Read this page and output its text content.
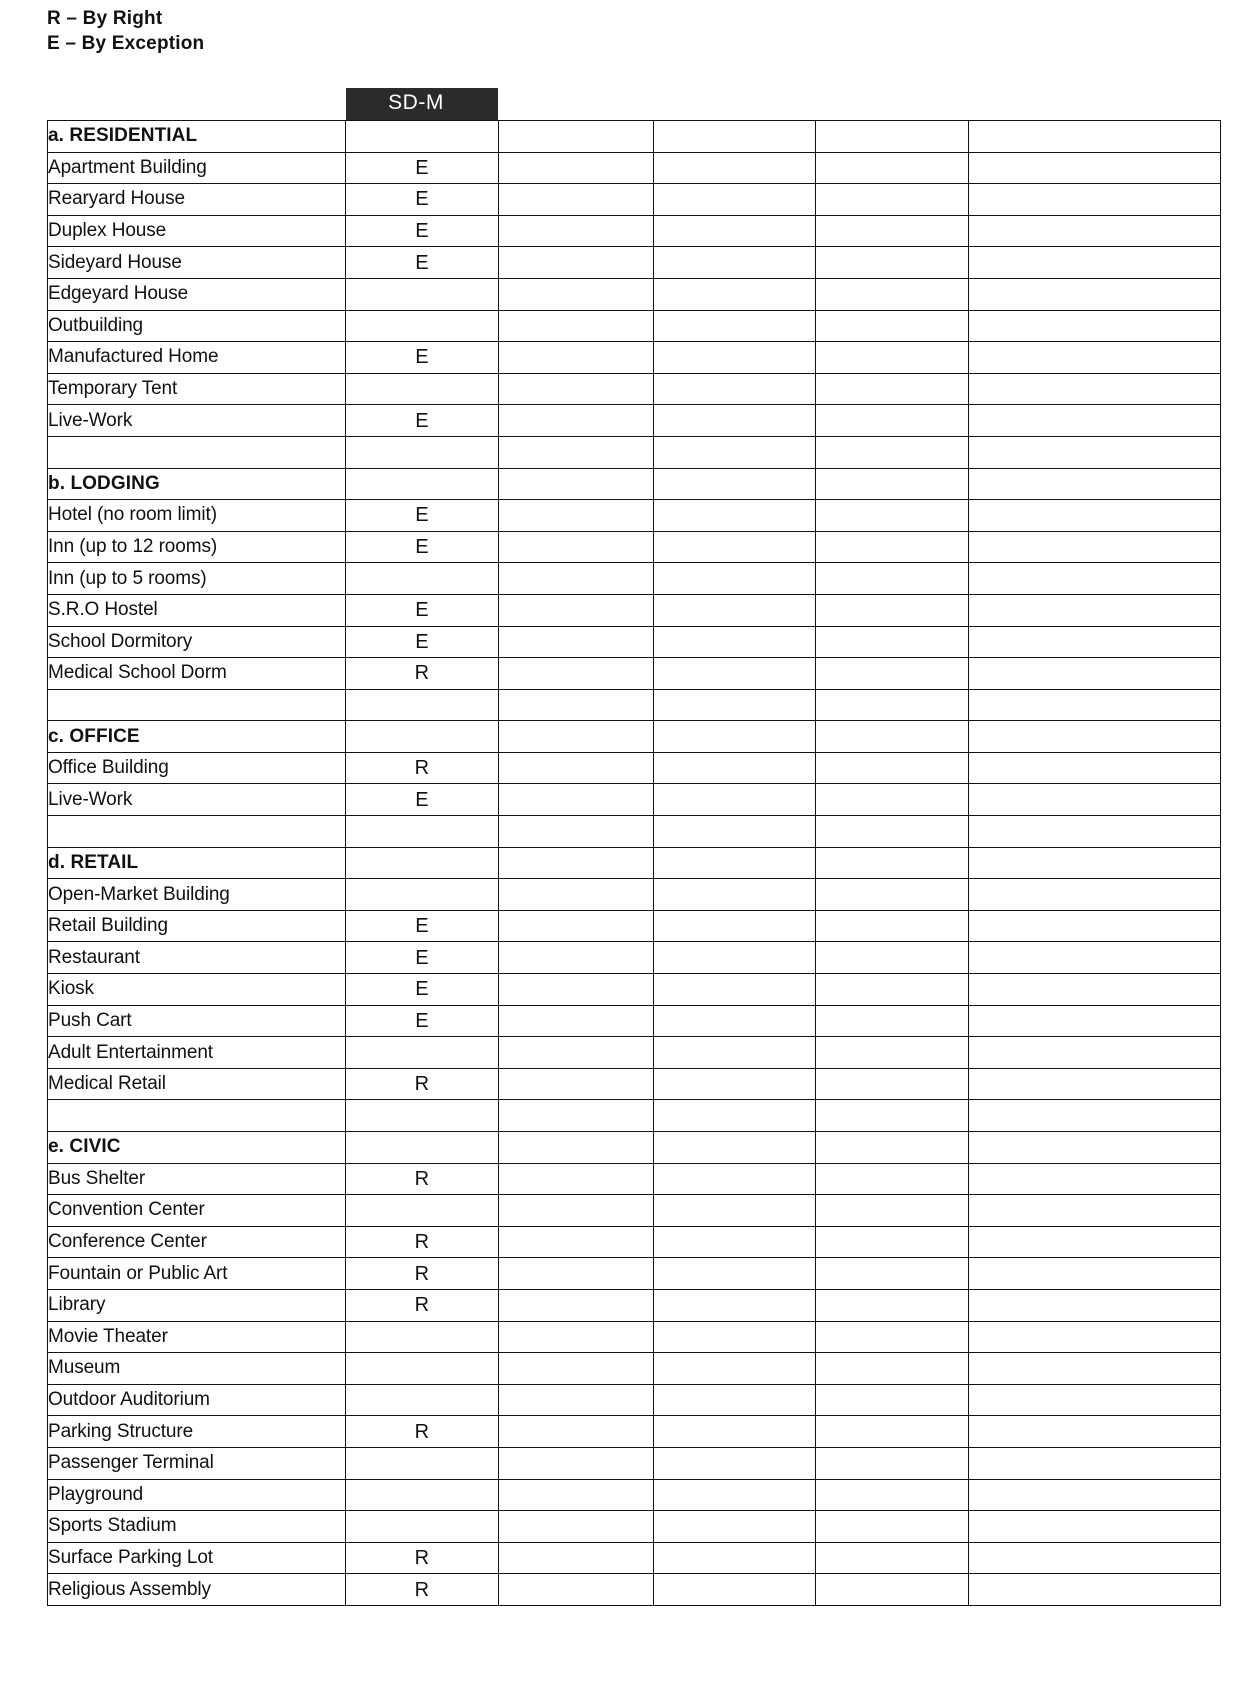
R – By Right
E – By Exception
SD-M
a. RESIDENTIAL					
Apartment Building	E				
Rearyard House	E				
Duplex House	E				
Sideyard House	E				
Edgeyard House					
Outbuilding					
Manufactured Home	E				
Temporary Tent					
Live-Work	E				

b. LODGING					
Hotel (no room limit)	E				
Inn (up to 12 rooms)	E				
Inn (up to 5 rooms)					
S.R.O Hostel	E				
School Dormitory	E				
Medical School Dorm	R				

c. OFFICE					
Office Building	R				
Live-Work	E				

d. RETAIL					
Open-Market Building					
Retail Building	E				
Restaurant	E				
Kiosk	E				
Push Cart	E				
Adult Entertainment					
Medical Retail	R				

e. CIVIC					
Bus Shelter	R				
Convention Center					
Conference Center	R				
Fountain or Public Art	R				
Library	R				
Movie Theater					
Museum					
Outdoor Auditorium					
Parking Structure	R				
Passenger Terminal					
Playground					
Sports Stadium					
Surface Parking Lot	R				
Religious Assembly	R				
